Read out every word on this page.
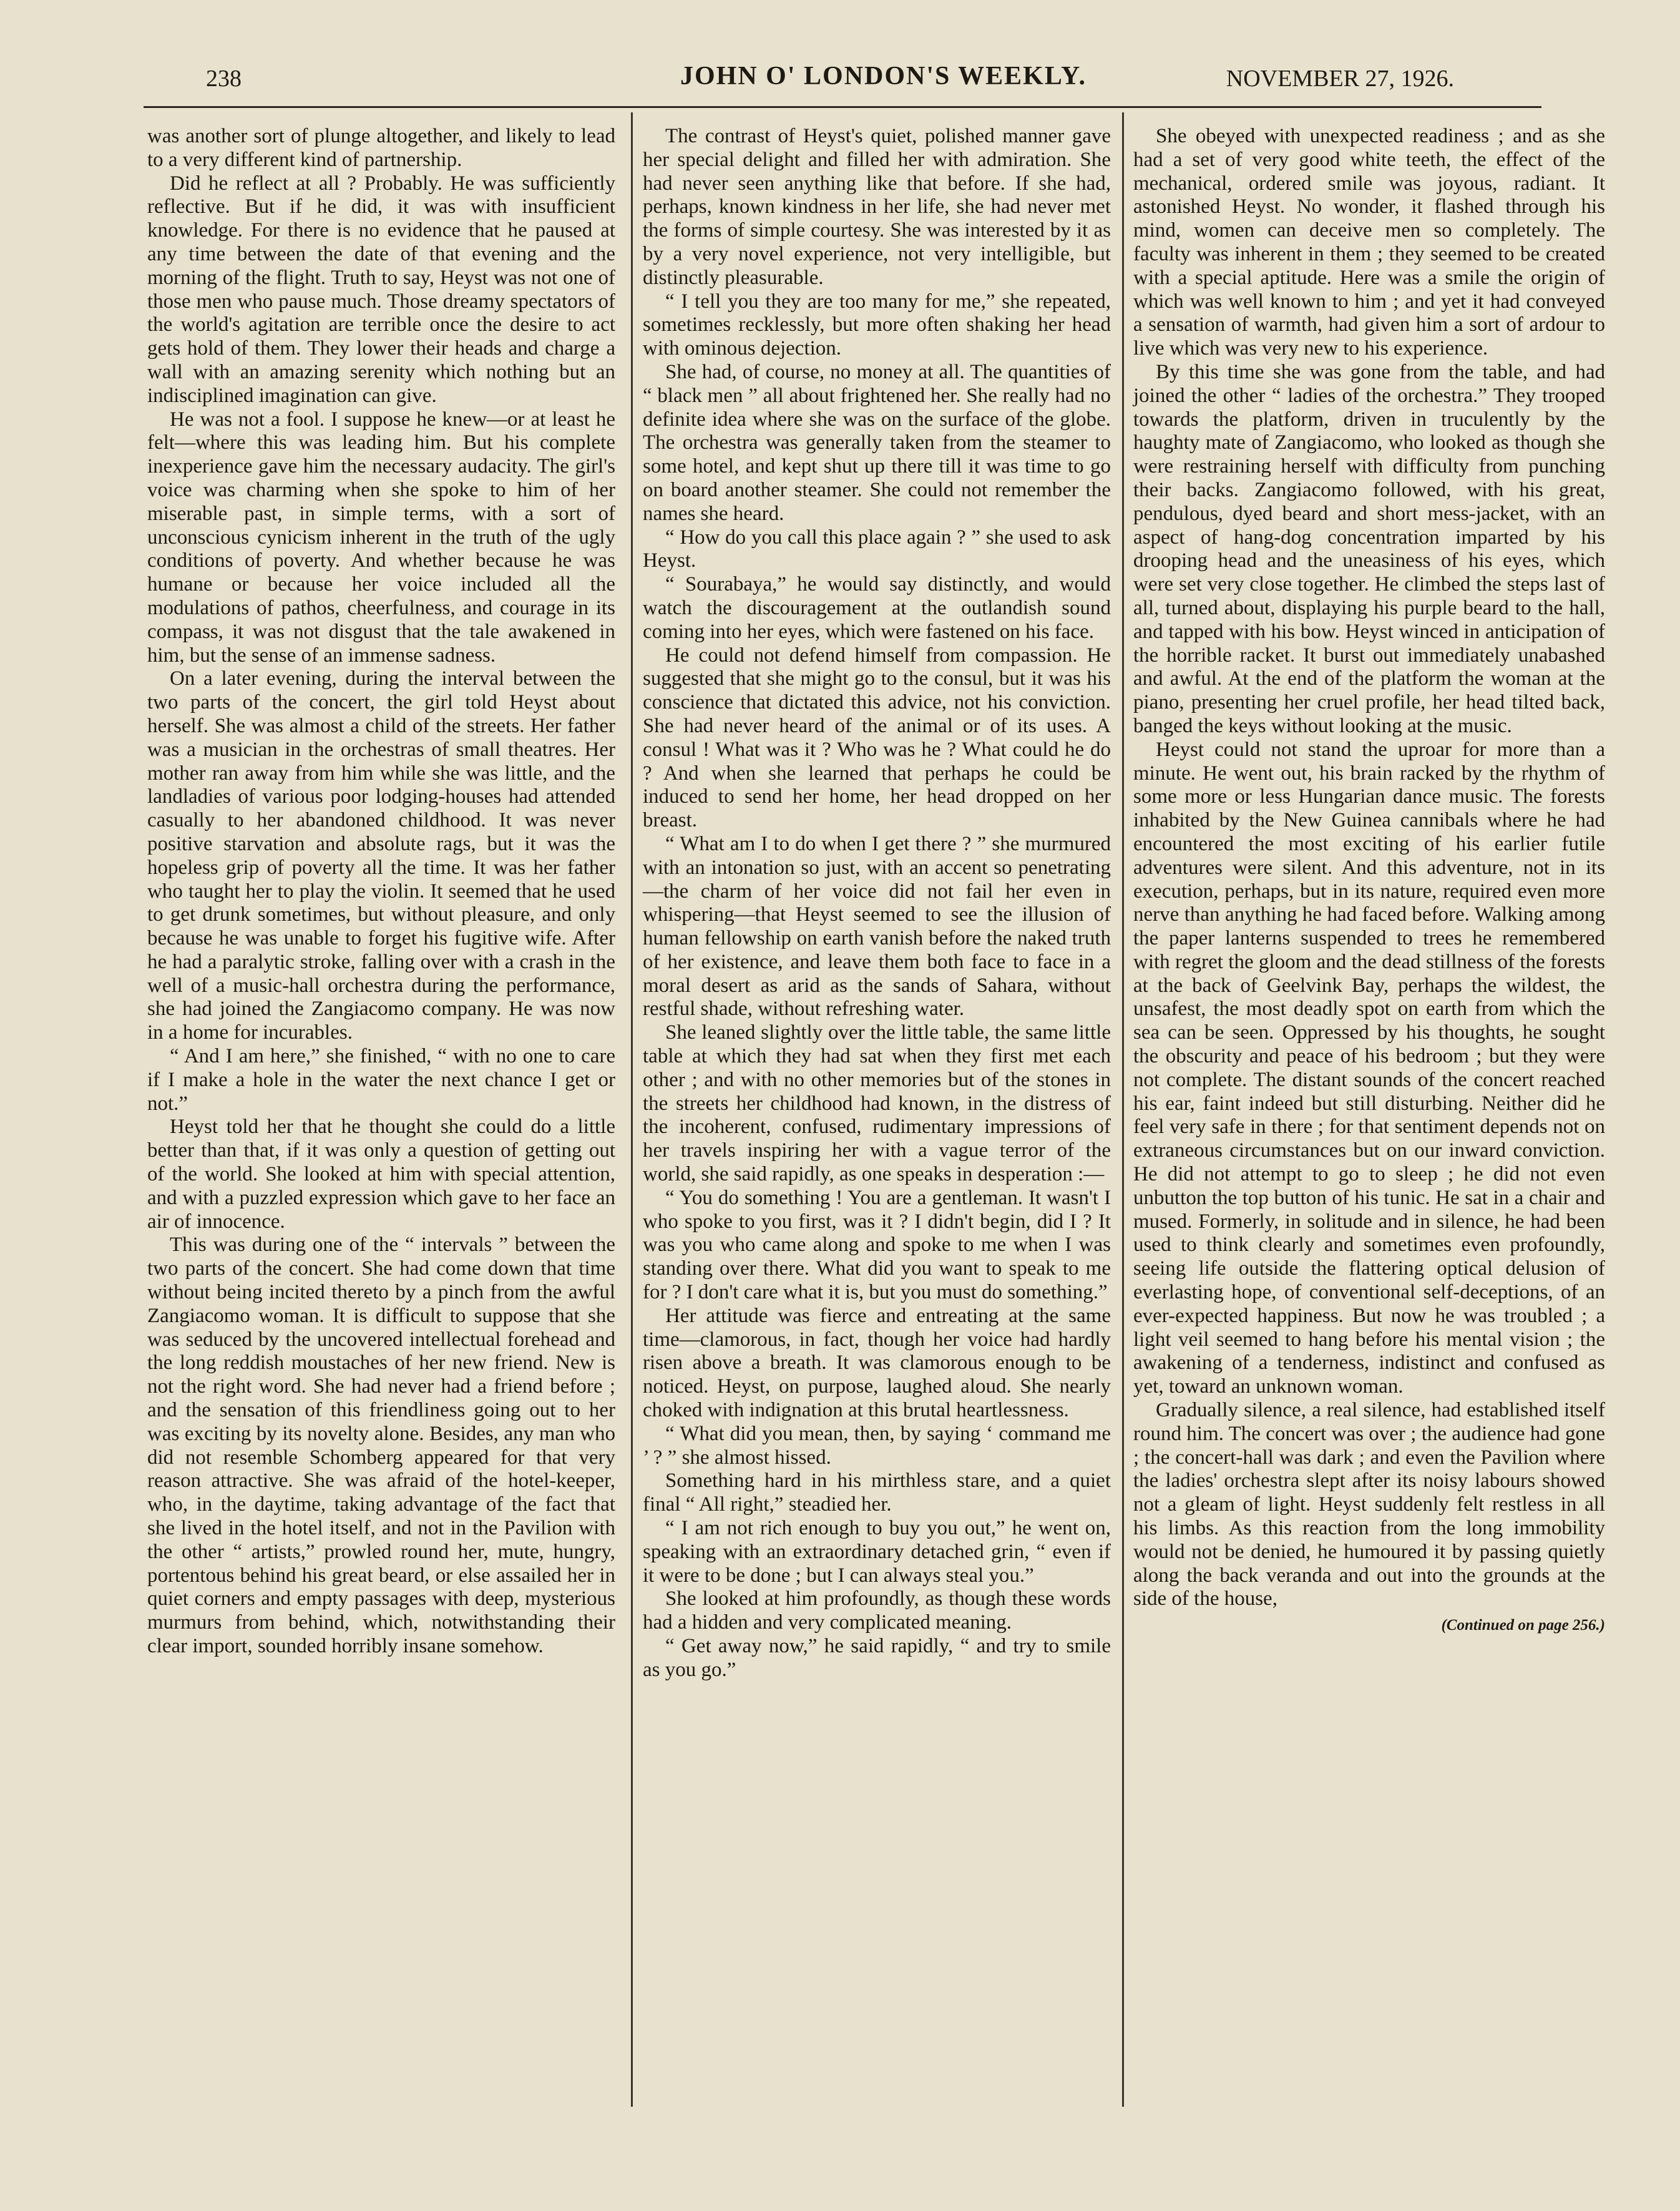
238	JOHN O' LONDON'S WEEKLY.	NOVEMBER 27, 1926.

was another sort of plunge altogether, and likely to lead to a very different kind of partnership.

Did he reflect at all ? Probably. He was sufficiently reflective. But if he did, it was with insufficient knowledge. For there is no evidence that he paused at any time between the date of that evening and the morning of the flight. Truth to say, Heyst was not one of those men who pause much. Those dreamy spectators of the world's agitation are terrible once the desire to act gets hold of them. They lower their heads and charge a wall with an amazing serenity which nothing but an indisciplined imagination can give.

He was not a fool. I suppose he knew—or at least he felt—where this was leading him. But his complete inexperience gave him the necessary audacity. The girl's voice was charming when she spoke to him of her miserable past, in simple terms, with a sort of unconscious cynicism inherent in the truth of the ugly conditions of poverty. And whether because he was humane or because her voice included all the modulations of pathos, cheerfulness, and courage in its compass, it was not disgust that the tale awakened in him, but the sense of an immense sadness.

On a later evening, during the interval between the two parts of the concert, the girl told Heyst about herself. She was almost a child of the streets. Her father was a musician in the orchestras of small theatres. Her mother ran away from him while she was little, and the landladies of various poor lodging-houses had attended casually to her abandoned childhood. It was never positive starvation and absolute rags, but it was the hopeless grip of poverty all the time. It was her father who taught her to play the violin. It seemed that he used to get drunk sometimes, but without pleasure, and only because he was unable to forget his fugitive wife. After he had a paralytic stroke, falling over with a crash in the well of a music-hall orchestra during the performance, she had joined the Zangiacomo company. He was now in a home for incurables.

“ And I am here,” she finished, “ with no one to care if I make a hole in the water the next chance I get or not.”

Heyst told her that he thought she could do a little better than that, if it was only a question of getting out of the world. She looked at him with special attention, and with a puzzled expression which gave to her face an air of innocence.

This was during one of the “ intervals ” between the two parts of the concert. She had come down that time without being incited thereto by a pinch from the awful Zangiacomo woman. It is difficult to suppose that she was seduced by the uncovered intellectual forehead and the long reddish moustaches of her new friend. New is not the right word. She had never had a friend before ; and the sensation of this friendliness going out to her was exciting by its novelty alone. Besides, any man who did not resemble Schomberg appeared for that very reason attractive. She was afraid of the hotel-keeper, who, in the daytime, taking advantage of the fact that she lived in the hotel itself, and not in the Pavilion with the other “ artists,” prowled round her, mute, hungry, portentous behind his great beard, or else assailed her in quiet corners and empty passages with deep, mysterious murmurs from behind, which, notwithstanding their clear import, sounded horribly insane somehow.

The contrast of Heyst's quiet, polished manner gave her special delight and filled her with admiration. She had never seen anything like that before. If she had, perhaps, known kindness in her life, she had never met the forms of simple courtesy. She was interested by it as by a very novel experience, not very intelligible, but distinctly pleasurable.

“ I tell you they are too many for me,” she repeated, sometimes recklessly, but more often shaking her head with ominous dejection.

She had, of course, no money at all. The quantities of “ black men ” all about frightened her. She really had no definite idea where she was on the surface of the globe. The orchestra was generally taken from the steamer to some hotel, and kept shut up there till it was time to go on board another steamer. She could not remember the names she heard.

“ How do you call this place again ? ” she used to ask Heyst.

“ Sourabaya,” he would say distinctly, and would watch the discouragement at the outlandish sound coming into her eyes, which were fastened on his face.

He could not defend himself from compassion. He suggested that she might go to the consul, but it was his conscience that dictated this advice, not his conviction. She had never heard of the animal or of its uses. A consul ! What was it ? Who was he ? What could he do ? And when she learned that perhaps he could be induced to send her home, her head dropped on her breast.

“ What am I to do when I get there ? ” she murmured with an intonation so just, with an accent so penetrating—the charm of her voice did not fail her even in whispering—that Heyst seemed to see the illusion of human fellowship on earth vanish before the naked truth of her existence, and leave them both face to face in a moral desert as arid as the sands of Sahara, without restful shade, without refreshing water.

She leaned slightly over the little table, the same little table at which they had sat when they first met each other ; and with no other memories but of the stones in the streets her childhood had known, in the distress of the incoherent, confused, rudimentary impressions of her travels inspiring her with a vague terror of the world, she said rapidly, as one speaks in desperation :—

“ You do something ! You are a gentleman. It wasn't I who spoke to you first, was it ? I didn't begin, did I ? It was you who came along and spoke to me when I was standing over there. What did you want to speak to me for ? I don't care what it is, but you must do something.”

Her attitude was fierce and entreating at the same time—clamorous, in fact, though her voice had hardly risen above a breath. It was clamorous enough to be noticed. Heyst, on purpose, laughed aloud. She nearly choked with indignation at this brutal heartlessness.

“ What did you mean, then, by saying ‘ command me ’ ? ” she almost hissed.

Something hard in his mirthless stare, and a quiet final “ All right,” steadied her.

“ I am not rich enough to buy you out,” he went on, speaking with an extraordinary detached grin, “ even if it were to be done ; but I can always steal you.”

She looked at him profoundly, as though these words had a hidden and very complicated meaning.

“ Get away now,” he said rapidly, “ and try to smile as you go.”

She obeyed with unexpected readiness ; and as she had a set of very good white teeth, the effect of the mechanical, ordered smile was joyous, radiant. It astonished Heyst. No wonder, it flashed through his mind, women can deceive men so completely. The faculty was inherent in them ; they seemed to be created with a special aptitude. Here was a smile the origin of which was well known to him ; and yet it had conveyed a sensation of warmth, had given him a sort of ardour to live which was very new to his experience.

By this time she was gone from the table, and had joined the other “ ladies of the orchestra.” They trooped towards the platform, driven in truculently by the haughty mate of Zangiacomo, who looked as though she were restraining herself with difficulty from punching their backs. Zangiacomo followed, with his great, pendulous, dyed beard and short mess-jacket, with an aspect of hang-dog concentration imparted by his drooping head and the uneasiness of his eyes, which were set very close together. He climbed the steps last of all, turned about, displaying his purple beard to the hall, and tapped with his bow. Heyst winced in anticipation of the horrible racket. It burst out immediately unabashed and awful. At the end of the platform the woman at the piano, presenting her cruel profile, her head tilted back, banged the keys without looking at the music.

Heyst could not stand the uproar for more than a minute. He went out, his brain racked by the rhythm of some more or less Hungarian dance music. The forests inhabited by the New Guinea cannibals where he had encountered the most exciting of his earlier futile adventures were silent. And this adventure, not in its execution, perhaps, but in its nature, required even more nerve than anything he had faced before. Walking among the paper lanterns suspended to trees he remembered with regret the gloom and the dead stillness of the forests at the back of Geelvink Bay, perhaps the wildest, the unsafest, the most deadly spot on earth from which the sea can be seen. Oppressed by his thoughts, he sought the obscurity and peace of his bedroom ; but they were not complete. The distant sounds of the concert reached his ear, faint indeed but still disturbing. Neither did he feel very safe in there ; for that sentiment depends not on extraneous circumstances but on our inward conviction. He did not attempt to go to sleep ; he did not even unbutton the top button of his tunic. He sat in a chair and mused. Formerly, in solitude and in silence, he had been used to think clearly and sometimes even profoundly, seeing life outside the flattering optical delusion of everlasting hope, of conventional self-deceptions, of an ever-expected happiness. But now he was troubled ; a light veil seemed to hang before his mental vision ; the awakening of a tenderness, indistinct and confused as yet, toward an unknown woman.

Gradually silence, a real silence, had established itself round him. The concert was over ; the audience had gone ; the concert-hall was dark ; and even the Pavilion where the ladies' orchestra slept after its noisy labours showed not a gleam of light. Heyst suddenly felt restless in all his limbs. As this reaction from the long immobility would not be denied, he humoured it by passing quietly along the back veranda and out into the grounds at the side of the house,

(Continued on page 256.)
